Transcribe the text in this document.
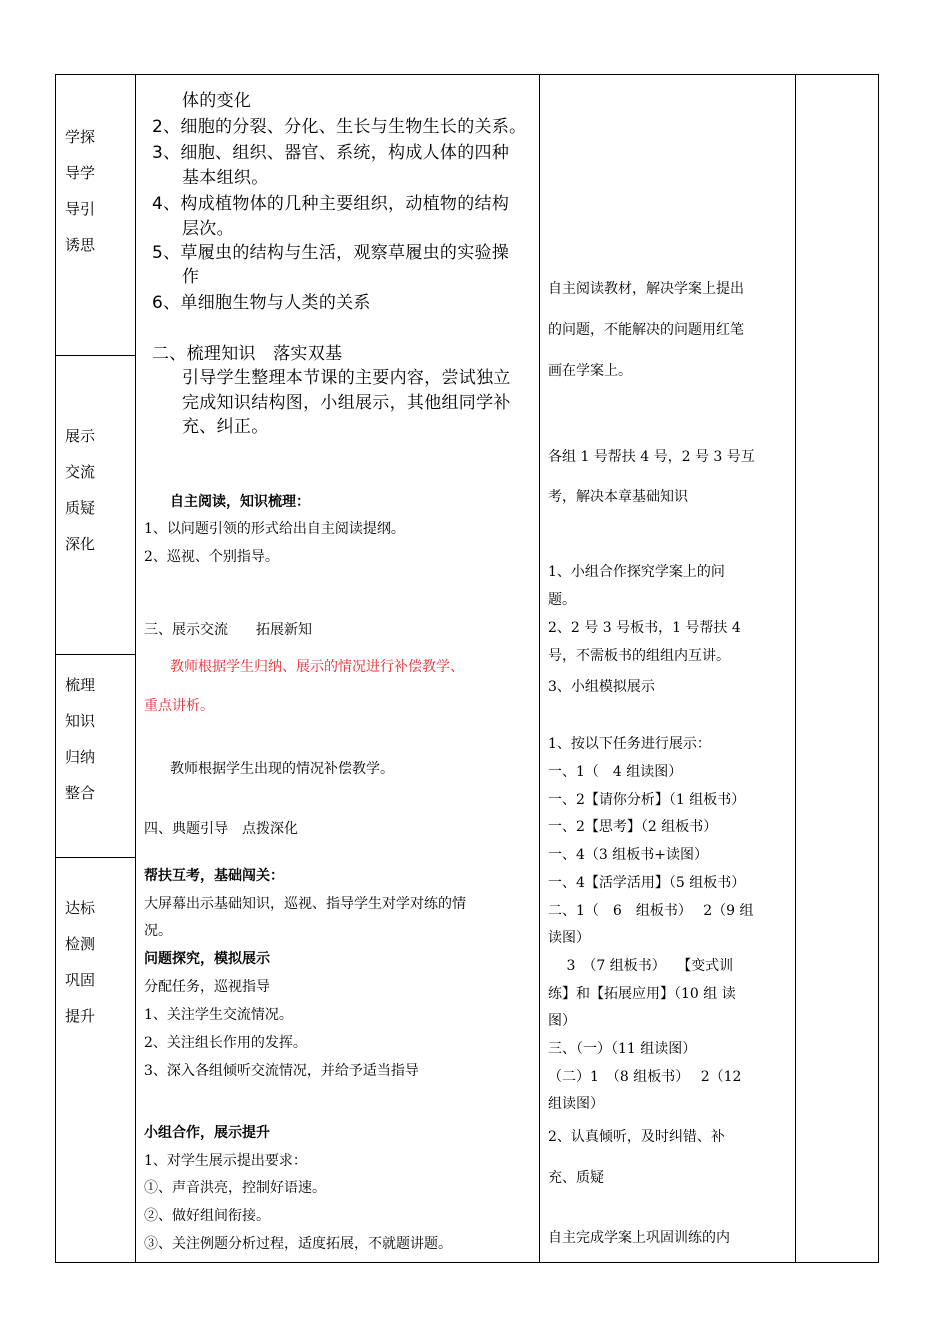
学探
导学
导引
诱思
展示
交流
质疑
深化
梳理
知识
归纳
整合
达标
检测
巩固
提升
体的变化
2、细胞的分裂、分化、生长与生物生长的关系。
3、细胞、组织、器官、系统，构成人体的四种
基本组织。
4、构成植物体的几种主要组织，动植物的结构
层次。
5、草履虫的结构与生活，观察草履虫的实验操
作
6、单细胞生物与人类的关系
二、梳理知识　落实双基
引导学生整理本节课的主要内容，尝试独立
完成知识结构图，小组展示，其他组同学补
充、纠正。
自主阅读，知识梳理：
1、以问题引领的形式给出自主阅读提纲。
2、巡视、个别指导。
三、展示交流　　拓展新知
教师根据学生归纳、展示的情况进行补偿教学、
重点讲析。
教师根据学生出现的情况补偿教学。
四、典题引导　点拨深化
帮扶互考，基础闯关：
大屏幕出示基础知识，巡视、指导学生对学对练的情
况。
问题探究，模拟展示
分配任务，巡视指导
1、关注学生交流情况。
2、关注组长作用的发挥。
3、深入各组倾听交流情况，并给予适当指导
小组合作，展示提升
1、对学生展示提出要求：
①、声音洪亮，控制好语速。
②、做好组间衔接。
③、关注例题分析过程，适度拓展，不就题讲题。
自主阅读教材，解决学案上提出
的问题，不能解决的问题用红笔
画在学案上。
各组 1 号帮扶 4 号，2 号 3 号互
考，解决本章基础知识
1、小组合作探究学案上的问
题。
2、2 号 3 号板书，1 号帮扶 4
号，不需板书的组组内互讲。
3、小组模拟展示
1、按以下任务进行展示：
一、1（　4 组读图）
一、2【请你分析】（1 组板书）
一、2【思考】（2 组板书）
一、4（3 组板书+读图）
一、4【活学活用】（5 组板书）
二、1（　6　组板书）　 2（9 组
读图）
　 3　（7 组板书）　 【变式训
练】和【拓展应用】（10 组 读
图）
三、（一）（11 组读图）
（二）1　（8 组板书）　 2（12
组读图）
2、认真倾听，及时纠错、补
充、质疑
自主完成学案上巩固训练的内
